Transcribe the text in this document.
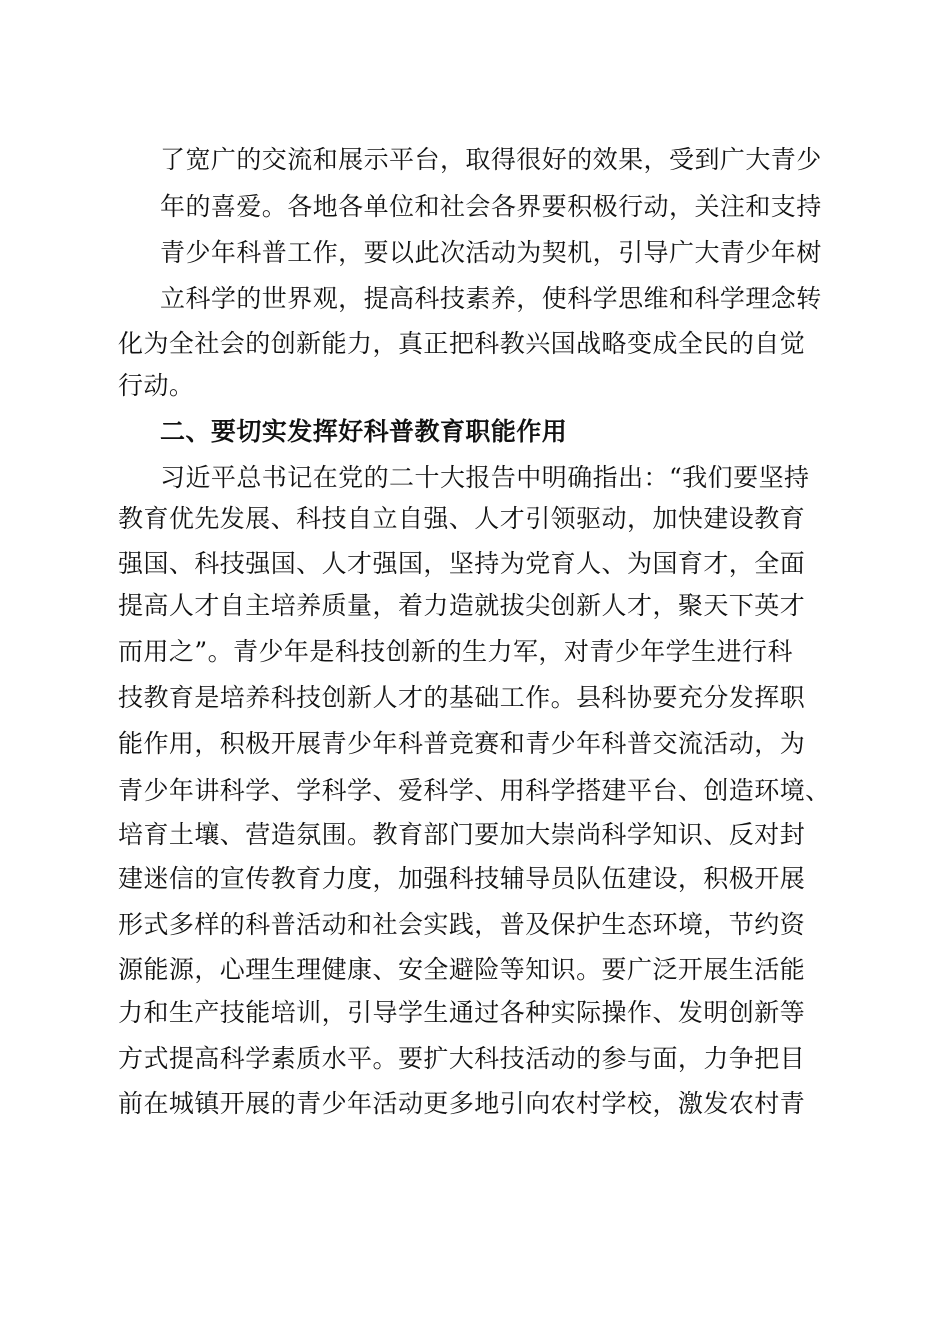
了宽广的交流和展示平台，取得很好的效果，受到广大青少
年的喜爱。各地各单位和社会各界要积极行动，关注和支持
青少年科普工作，要以此次活动为契机，引导广大青少年树
立科学的世界观，提高科技素养，使科学思维和科学理念转
化为全社会的创新能力，真正把科教兴国战略变成全民的自觉
行动。
二、要切实发挥好科普教育职能作用
习近平总书记在党的二十大报告中明确指出：“我们要坚持
教育优先发展、科技自立自强、人才引领驱动，加快建设教育
强国、科技强国、人才强国，坚持为党育人、为国育才，全面
提高人才自主培养质量，着力造就拔尖创新人才，聚天下英才
而用之”。青少年是科技创新的生力军，对青少年学生进行科
技教育是培养科技创新人才的基础工作。县科协要充分发挥职
能作用，积极开展青少年科普竞赛和青少年科普交流活动，为
青少年讲科学、学科学、爱科学、用科学搭建平台、创造环境、
培育土壤、营造氛围。教育部门要加大崇尚科学知识、反对封
建迷信的宣传教育力度，加强科技辅导员队伍建设，积极开展
形式多样的科普活动和社会实践，普及保护生态环境，节约资
源能源，心理生理健康、安全避险等知识。要广泛开展生活能
力和生产技能培训，引导学生通过各种实际操作、发明创新等
方式提高科学素质水平。要扩大科技活动的参与面，力争把目
前在城镇开展的青少年活动更多地引向农村学校，激发农村青
